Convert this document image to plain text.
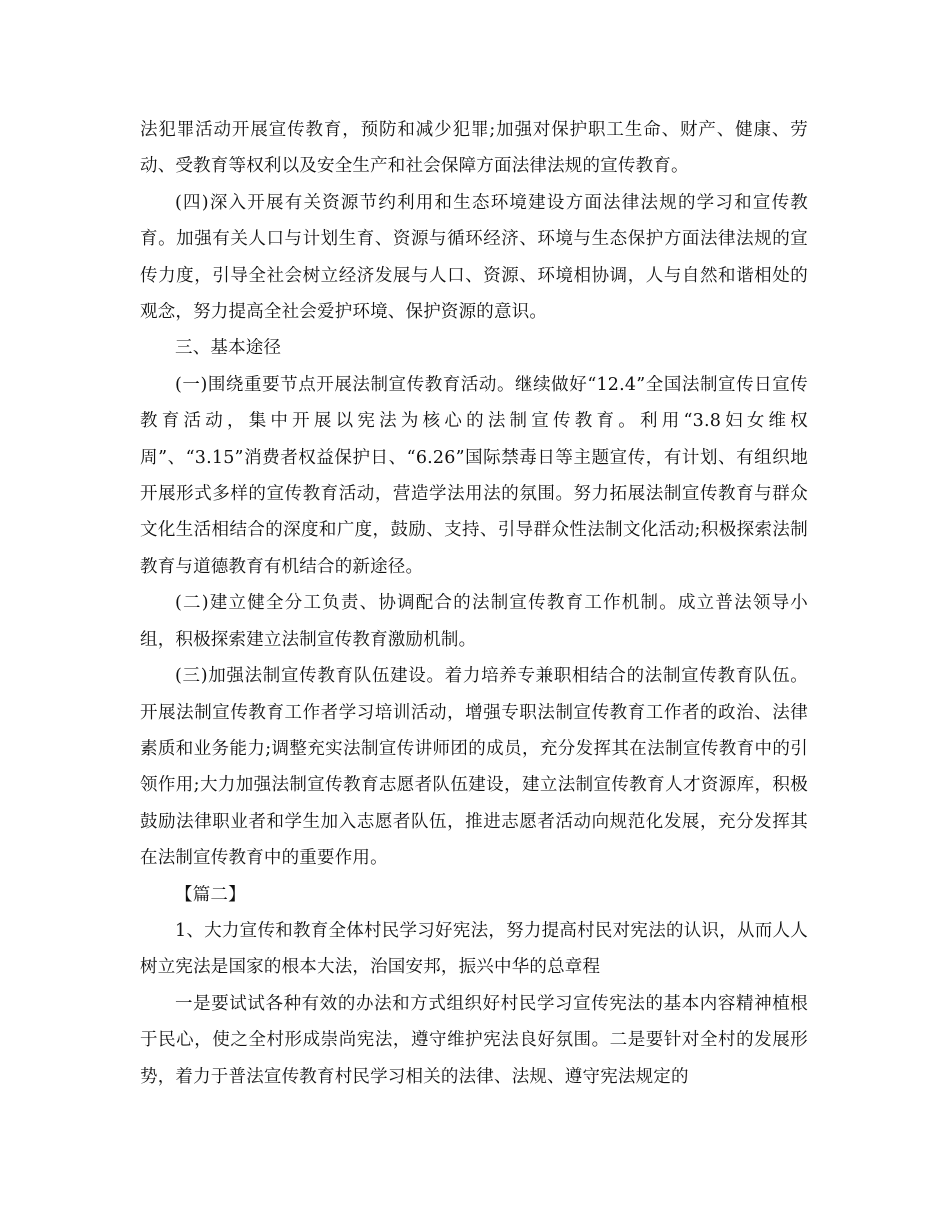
法犯罪活动开展宣传教育，预防和减少犯罪;加强对保护职工生命、财产、健康、劳动、受教育等权利以及安全生产和社会保障方面法律法规的宣传教育。

(四)深入开展有关资源节约利用和生态环境建设方面法律法规的学习和宣传教育。加强有关人口与计划生育、资源与循环经济、环境与生态保护方面法律法规的宣传力度，引导全社会树立经济发展与人口、资源、环境相协调，人与自然和谐相处的观念，努力提高全社会爱护环境、保护资源的意识。

三、基本途径

(一)围绕重要节点开展法制宣传教育活动。继续做好“12.4”全国法制宣传日宣传教育活动，集中开展以宪法为核心的法制宣传教育。利用“3.8妇女维权周”、“3.15”消费者权益保护日、“6.26”国际禁毒日等主题宣传，有计划、有组织地开展形式多样的宣传教育活动，营造学法用法的氛围。努力拓展法制宣传教育与群众文化生活相结合的深度和广度，鼓励、支持、引导群众性法制文化活动;积极探索法制教育与道德教育有机结合的新途径。

(二)建立健全分工负责、协调配合的法制宣传教育工作机制。成立普法领导小组，积极探索建立法制宣传教育激励机制。

(三)加强法制宣传教育队伍建设。着力培养专兼职相结合的法制宣传教育队伍。开展法制宣传教育工作者学习培训活动，增强专职法制宣传教育工作者的政治、法律素质和业务能力;调整充实法制宣传讲师团的成员，充分发挥其在法制宣传教育中的引领作用;大力加强法制宣传教育志愿者队伍建设，建立法制宣传教育人才资源库，积极鼓励法律职业者和学生加入志愿者队伍，推进志愿者活动向规范化发展，充分发挥其在法制宣传教育中的重要作用。

【篇二】

1、大力宣传和教育全体村民学习好宪法，努力提高村民对宪法的认识，从而人人树立宪法是国家的根本大法，治国安邦，振兴中华的总章程

一是要试试各种有效的办法和方式组织好村民学习宣传宪法的基本内容精神植根于民心，使之全村形成崇尚宪法，遵守维护宪法良好氛围。二是要针对全村的发展形势，着力于普法宣传教育村民学习相关的法律、法规、遵守宪法规定的
